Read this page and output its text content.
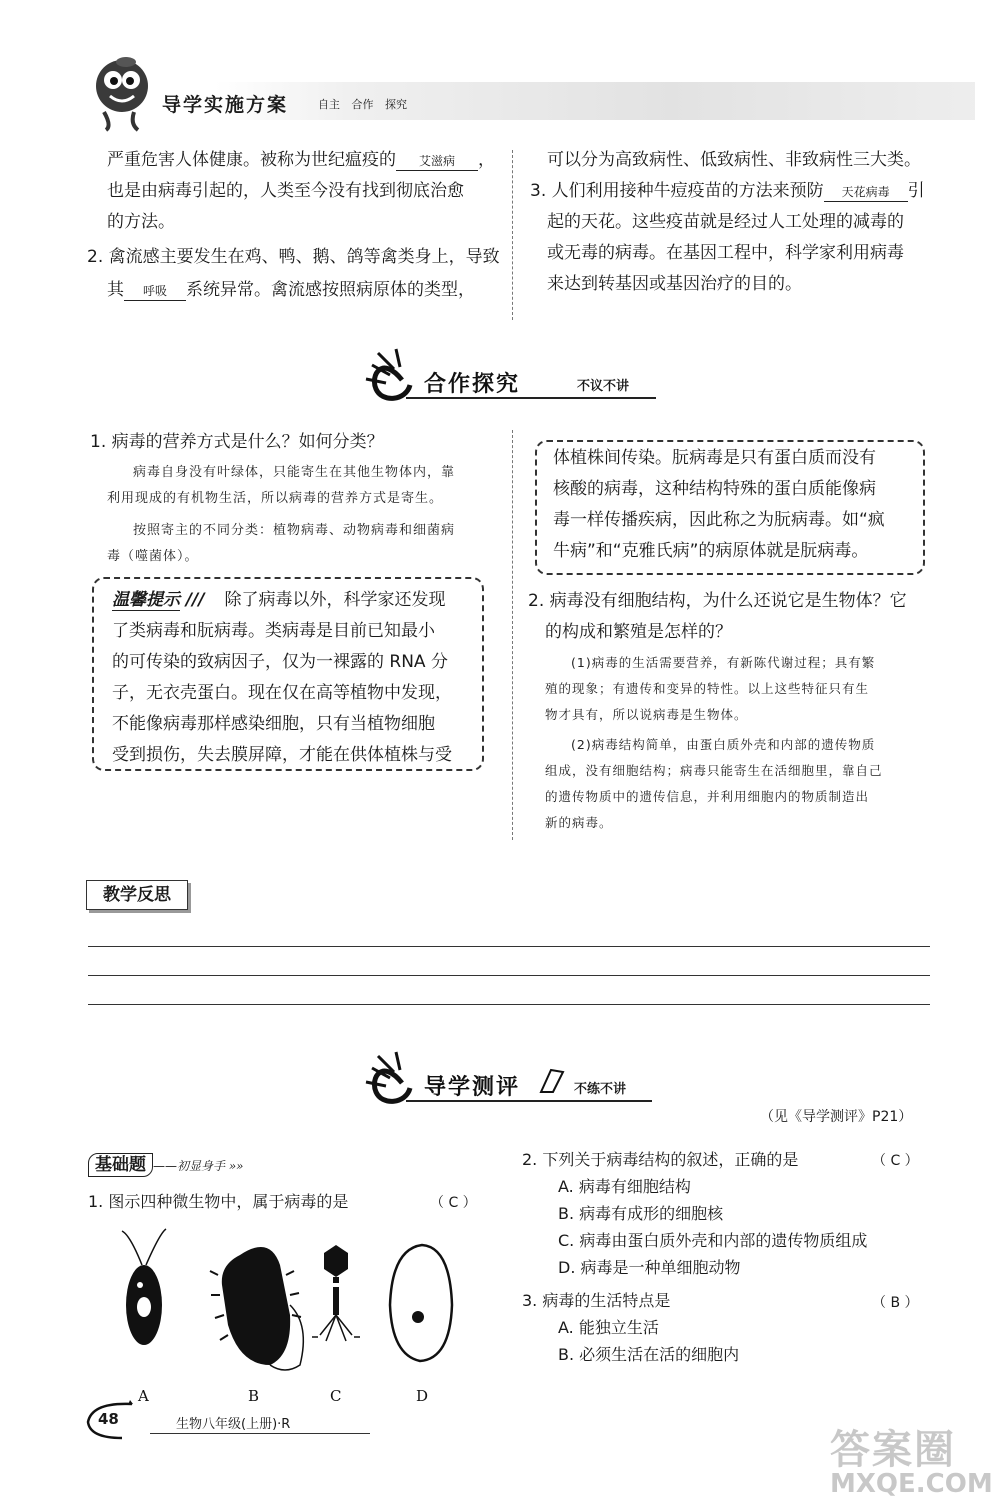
导学实施方案	自主 合作 探究
严重危害人体健康。被称为世纪瘟疫的 艾滋病 ，
也是由病毒引起的，人类至今没有找到彻底治愈
的方法。
2. 禽流感主要发生在鸡、鸭、鹅、鸽等禽类身上，导致
其 呼吸 系统异常。禽流感按照病原体的类型，
可以分为高致病性、低致病性、非致病性三大类。
3. 人们利用接种牛痘疫苗的方法来预防 天花病毒 引
起的天花。这些疫苗就是经过人工处理的减毒的
或无毒的病毒。在基因工程中，科学家利用病毒
来达到转基因或基因治疗的目的。
合作探究	不议不讲
1. 病毒的营养方式是什么？如何分类？
病毒自身没有叶绿体，只能寄生在其他生物体内，靠
利用现成的有机物生活，所以病毒的营养方式是寄生。
按照寄主的不同分类：植物病毒、动物病毒和细菌病
毒（噬菌体）。
温馨提示 /// 除了病毒以外，科学家还发现
了类病毒和朊病毒。类病毒是目前已知最小
的可传染的致病因子，仅为一裸露的 RNA 分
子，无衣壳蛋白。现在仅在高等植物中发现，
不能像病毒那样感染细胞，只有当植物细胞
受到损伤，失去膜屏障，才能在供体植株与受
体植株间传染。朊病毒是只有蛋白质而没有
核酸的病毒，这种结构特殊的蛋白质能像病
毒一样传播疾病，因此称之为朊病毒。如“疯
牛病”和“克雅氏病”的病原体就是朊病毒。
2. 病毒没有细胞结构，为什么还说它是生物体？它
的构成和繁殖是怎样的？
(1)病毒的生活需要营养，有新陈代谢过程；具有繁
殖的现象；有遗传和变异的特性。以上这些特征只有生
物才具有，所以说病毒是生物体。
(2)病毒结构简单，由蛋白质外壳和内部的遗传物质
组成，没有细胞结构；病毒只能寄生在活细胞里，靠自己
的遗传物质中的遗传信息，并利用细胞内的物质制造出
新的病毒。
教学反思
导学测评	不练不讲
（见《导学测评》P21）
基础题 ——初显身手 »»
1. 图示四种微生物中，属于病毒的是	（ C ）
A	B	C	D
2. 下列关于病毒结构的叙述，正确的是	（ C ）
A. 病毒有细胞结构
B. 病毒有成形的细胞核
C. 病毒由蛋白质外壳和内部的遗传物质组成
D. 病毒是一种单细胞动物
3. 病毒的生活特点是	（ B ）
A. 能独立生活
B. 必须生活在活的细胞内
48	生物八年级(上册)·R
答案圈
MXQE.COM
